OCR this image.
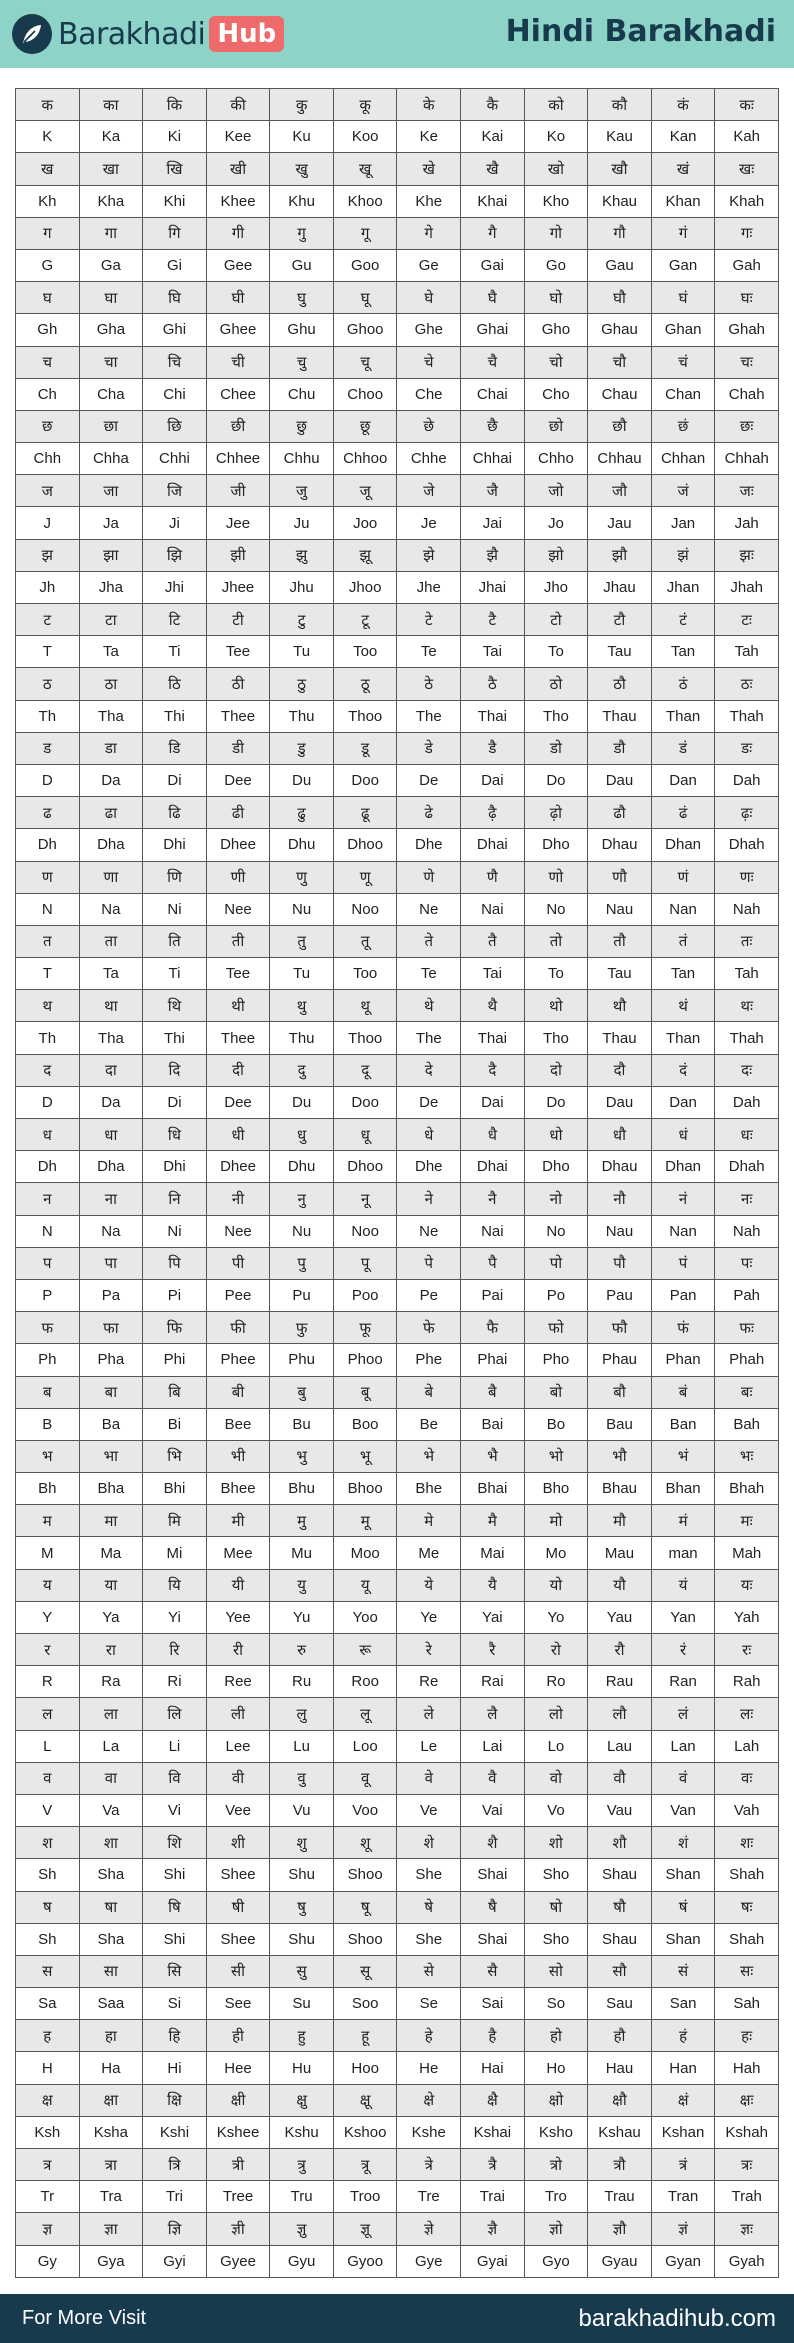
Barakhadi Hub	Hindi Barakhadi
क	का	कि	की	कु	कू	के	कै	को	कौ	कं	कः
K	Ka	Ki	Kee	Ku	Koo	Ke	Kai	Ko	Kau	Kan	Kah
ख	खा	खि	खी	खु	खू	खे	खै	खो	खौ	खं	खः
Kh	Kha	Khi	Khee	Khu	Khoo	Khe	Khai	Kho	Khau	Khan	Khah
ग	गा	गि	गी	गु	गू	गे	गै	गो	गौ	गं	गः
G	Ga	Gi	Gee	Gu	Goo	Ge	Gai	Go	Gau	Gan	Gah
घ	घा	घि	घी	घु	घू	घे	घै	घो	घौ	घं	घः
Gh	Gha	Ghi	Ghee	Ghu	Ghoo	Ghe	Ghai	Gho	Ghau	Ghan	Ghah
च	चा	चि	ची	चु	चू	चे	चै	चो	चौ	चं	चः
Ch	Cha	Chi	Chee	Chu	Choo	Che	Chai	Cho	Chau	Chan	Chah
छ	छा	छि	छी	छु	छू	छे	छै	छो	छौ	छं	छः
Chh	Chha	Chhi	Chhee	Chhu	Chhoo	Chhe	Chhai	Chho	Chhau	Chhan	Chhah
ज	जा	जि	जी	जु	जू	जे	जै	जो	जौ	जं	जः
J	Ja	Ji	Jee	Ju	Joo	Je	Jai	Jo	Jau	Jan	Jah
झ	झा	झि	झी	झु	झू	झे	झै	झो	झौ	झं	झः
Jh	Jha	Jhi	Jhee	Jhu	Jhoo	Jhe	Jhai	Jho	Jhau	Jhan	Jhah
ट	टा	टि	टी	टु	टू	टे	टै	टो	टौ	टं	टः
T	Ta	Ti	Tee	Tu	Too	Te	Tai	To	Tau	Tan	Tah
ठ	ठा	ठि	ठी	ठु	ठू	ठे	ठै	ठो	ठौ	ठं	ठः
Th	Tha	Thi	Thee	Thu	Thoo	The	Thai	Tho	Thau	Than	Thah
ड	डा	डि	डी	डु	डू	डे	डै	डो	डौ	डं	डः
D	Da	Di	Dee	Du	Doo	De	Dai	Do	Dau	Dan	Dah
ढ	ढा	ढि	ढी	ढु	ढू	ढे	ढ़ै	ढ़ो	ढौ	ढं	ढ़ः
Dh	Dha	Dhi	Dhee	Dhu	Dhoo	Dhe	Dhai	Dho	Dhau	Dhan	Dhah
ण	णा	णि	णी	णु	णू	णे	णै	णो	णौ	णं	णः
N	Na	Ni	Nee	Nu	Noo	Ne	Nai	No	Nau	Nan	Nah
त	ता	ति	ती	तु	तू	ते	तै	तो	तौ	तं	तः
T	Ta	Ti	Tee	Tu	Too	Te	Tai	To	Tau	Tan	Tah
थ	था	थि	थी	थु	थू	थे	थै	थो	थौ	थं	थः
Th	Tha	Thi	Thee	Thu	Thoo	The	Thai	Tho	Thau	Than	Thah
द	दा	दि	दी	दु	दू	दे	दै	दो	दौ	दं	दः
D	Da	Di	Dee	Du	Doo	De	Dai	Do	Dau	Dan	Dah
ध	धा	धि	धी	धु	धू	धे	धै	धो	धौ	धं	धः
Dh	Dha	Dhi	Dhee	Dhu	Dhoo	Dhe	Dhai	Dho	Dhau	Dhan	Dhah
न	ना	नि	नी	नु	नू	ने	नै	नो	नौ	नं	नः
N	Na	Ni	Nee	Nu	Noo	Ne	Nai	No	Nau	Nan	Nah
प	पा	पि	पी	पु	पू	पे	पै	पो	पौ	पं	पः
P	Pa	Pi	Pee	Pu	Poo	Pe	Pai	Po	Pau	Pan	Pah
फ	फा	फि	फी	फु	फू	फे	फै	फो	फौ	फं	फः
Ph	Pha	Phi	Phee	Phu	Phoo	Phe	Phai	Pho	Phau	Phan	Phah
ब	बा	बि	बी	बु	बू	बे	बै	बो	बौ	बं	बः
B	Ba	Bi	Bee	Bu	Boo	Be	Bai	Bo	Bau	Ban	Bah
भ	भा	भि	भी	भु	भू	भे	भै	भो	भौ	भं	भः
Bh	Bha	Bhi	Bhee	Bhu	Bhoo	Bhe	Bhai	Bho	Bhau	Bhan	Bhah
म	मा	मि	मी	मु	मू	मे	मै	मो	मौ	मं	मः
M	Ma	Mi	Mee	Mu	Moo	Me	Mai	Mo	Mau	man	Mah
य	या	यि	यी	यु	यू	ये	यै	यो	यौ	यं	यः
Y	Ya	Yi	Yee	Yu	Yoo	Ye	Yai	Yo	Yau	Yan	Yah
र	रा	रि	री	रु	रू	रे	रै	रो	रौ	रं	रः
R	Ra	Ri	Ree	Ru	Roo	Re	Rai	Ro	Rau	Ran	Rah
ल	ला	लि	ली	लु	लू	ले	लै	लो	लौ	लं	लः
L	La	Li	Lee	Lu	Loo	Le	Lai	Lo	Lau	Lan	Lah
व	वा	वि	वी	वु	वू	वे	वै	वो	वौ	वं	वः
V	Va	Vi	Vee	Vu	Voo	Ve	Vai	Vo	Vau	Van	Vah
श	शा	शि	शी	शु	शू	शे	शै	शो	शौ	शं	शः
Sh	Sha	Shi	Shee	Shu	Shoo	She	Shai	Sho	Shau	Shan	Shah
ष	षा	षि	षी	षु	षू	षे	षै	षो	षौ	षं	षः
Sh	Sha	Shi	Shee	Shu	Shoo	She	Shai	Sho	Shau	Shan	Shah
स	सा	सि	सी	सु	सू	से	सै	सो	सौ	सं	सः
Sa	Saa	Si	See	Su	Soo	Se	Sai	So	Sau	San	Sah
ह	हा	हि	ही	हु	हू	हे	है	हो	हौ	हं	हः
H	Ha	Hi	Hee	Hu	Hoo	He	Hai	Ho	Hau	Han	Hah
क्ष	क्षा	क्षि	क्षी	क्षु	क्षू	क्षे	क्षै	क्षो	क्षौ	क्षं	क्षः
Ksh	Ksha	Kshi	Kshee	Kshu	Kshoo	Kshe	Kshai	Ksho	Kshau	Kshan	Kshah
त्र	त्रा	त्रि	त्री	त्रु	त्रू	त्रे	त्रै	त्रो	त्रौ	त्रं	त्रः
Tr	Tra	Tri	Tree	Tru	Troo	Tre	Trai	Tro	Trau	Tran	Trah
ज्ञ	ज्ञा	ज्ञि	ज्ञी	ज्ञु	ज्ञू	ज्ञे	ज्ञै	ज्ञो	ज्ञौ	ज्ञं	ज्ञः
Gy	Gya	Gyi	Gyee	Gyu	Gyoo	Gye	Gyai	Gyo	Gyau	Gyan	Gyah
For More Visit	barakhadihub.com
